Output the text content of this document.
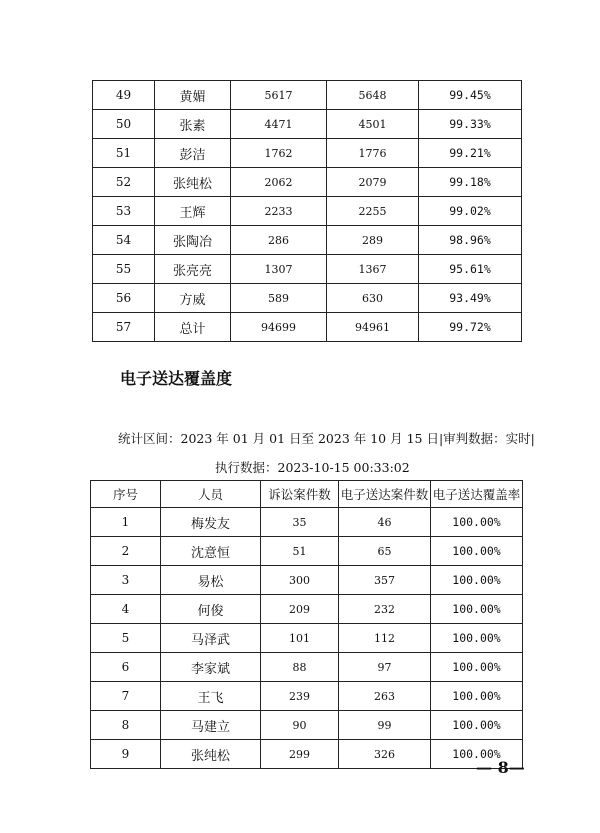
49	黄媚	5617	5648	99.45%
50	张素	4471	4501	99.33%
51	彭洁	1762	1776	99.21%
52	张纯松	2062	2079	99.18%
53	王辉	2233	2255	99.02%
54	张陶冶	286	289	98.96%
55	张亮亮	1307	1367	95.61%
56	方威	589	630	93.49%
57	总计	94699	94961	99.72%
电子送达覆盖度
统计区间：2023 年 01 月 01 日至 2023 年 10 月 15 日|审判数据：实时|
执行数据：2023-10-15 00:33:02
序号	人员	诉讼案件数	电子送达案件数	电子送达覆盖率
1	梅发友	35	46	100.00%
2	沈意恒	51	65	100.00%
3	易松	300	357	100.00%
4	何俊	209	232	100.00%
5	马泽武	101	112	100.00%
6	李家斌	88	97	100.00%
7	王飞	239	263	100.00%
8	马建立	90	99	100.00%
9	张纯松	299	326	100.00%
— 8—
